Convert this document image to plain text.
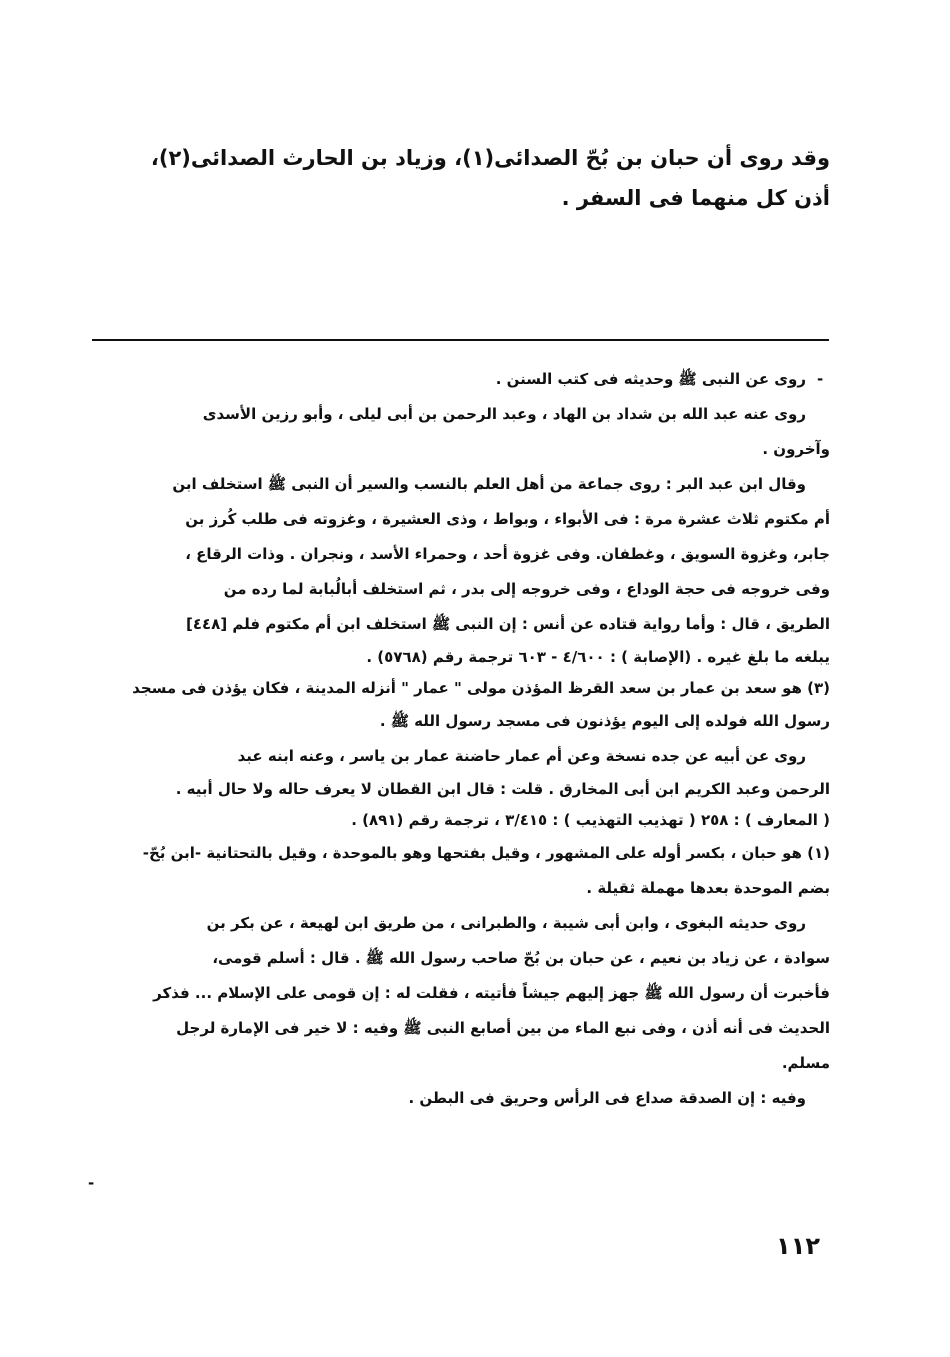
وقد روى أن حبان بن بُحّ الصدائى(١)، وزياد بن الحارث الصدائى(٢)،

أذن كل منهما فى السفر .

-
روى عن النبى ﷺ وحديثه فى كتب السنن .
روى عنه عبد الله بن شداد بن الهاد ، وعبد الرحمن بن أبى ليلى ، وأبو رزين الأسدى
وآخرون .
وقال ابن عبد البر : روى جماعة من أهل العلم بالنسب والسير أن النبى ﷺ استخلف ابن
أم مكتوم ثلاث عشرة مرة : فى الأبواء ، وبواط ، وذى العشيرة ، وغزوته فى طلب كُرز بن
جابر، وغزوة السويق ، وغطفان. وفى غزوة أحد ، وحمراء الأسد ، ونجران . وذات الرقاع ،
وفى خروجه فى حجة الوداع ، وفى خروجه إلى بدر ، ثم استخلف أبالُبابة لما رده من
الطريق ، قال : وأما رواية قتاده عن أنس : إن النبى ﷺ استخلف ابن أم مكتوم فلم [٤٤٨]
يبلغه ما بلغ غيره . (الإصابة ) : ٤/٦٠٠ - ٦٠٣ ترجمة رقم (٥٧٦٨) .
(٣) هو سعد بن عمار بن سعد القرظ المؤذن مولى " عمار " أنزله المدينة ، فكان يؤذن فى مسجد
رسول الله فولده إلى اليوم يؤذنون فى مسجد رسول الله ﷺ .
روى عن أبيه عن جده نسخة وعن أم عمار حاضنة عمار بن ياسر ، وعنه ابنه عبد
الرحمن وعبد الكريم ابن أبى المخارق . قلت : قال ابن القطان لا يعرف حاله ولا حال أبيه .
( المعارف ) : ٢٥٨ ( تهذيب التهذيب ) : ٣/٤١٥ ، ترجمة رقم (٨٩١) .
(١) هو حبان ، بكسر أوله على المشهور ، وقيل بفتحها وهو بالموحدة ، وقيل بالتحتانية -ابن بُحّ-
بضم الموحدة بعدها مهملة ثقيلة .
روى حديثه البغوى ، وابن أبى شيبة ، والطبرانى ، من طريق ابن لهيعة ، عن بكر بن
سوادة ، عن زياد بن نعيم ، عن حبان بن بُحّ صاحب رسول الله ﷺ . قال : أسلم قومى،
فأخبرت أن رسول الله ﷺ جهز إليهم جيشاً فأتيته ، فقلت له : إن قومى على الإسلام ... فذكر
الحديث فى أنه أذن ، وفى نبع الماء من بين أصابع النبى ﷺ وفيه : لا خير فى الإمارة لرجل
مسلم.
وفيه : إن الصدقة صداع فى الرأس وحريق فى البطن .
-
١١٢
